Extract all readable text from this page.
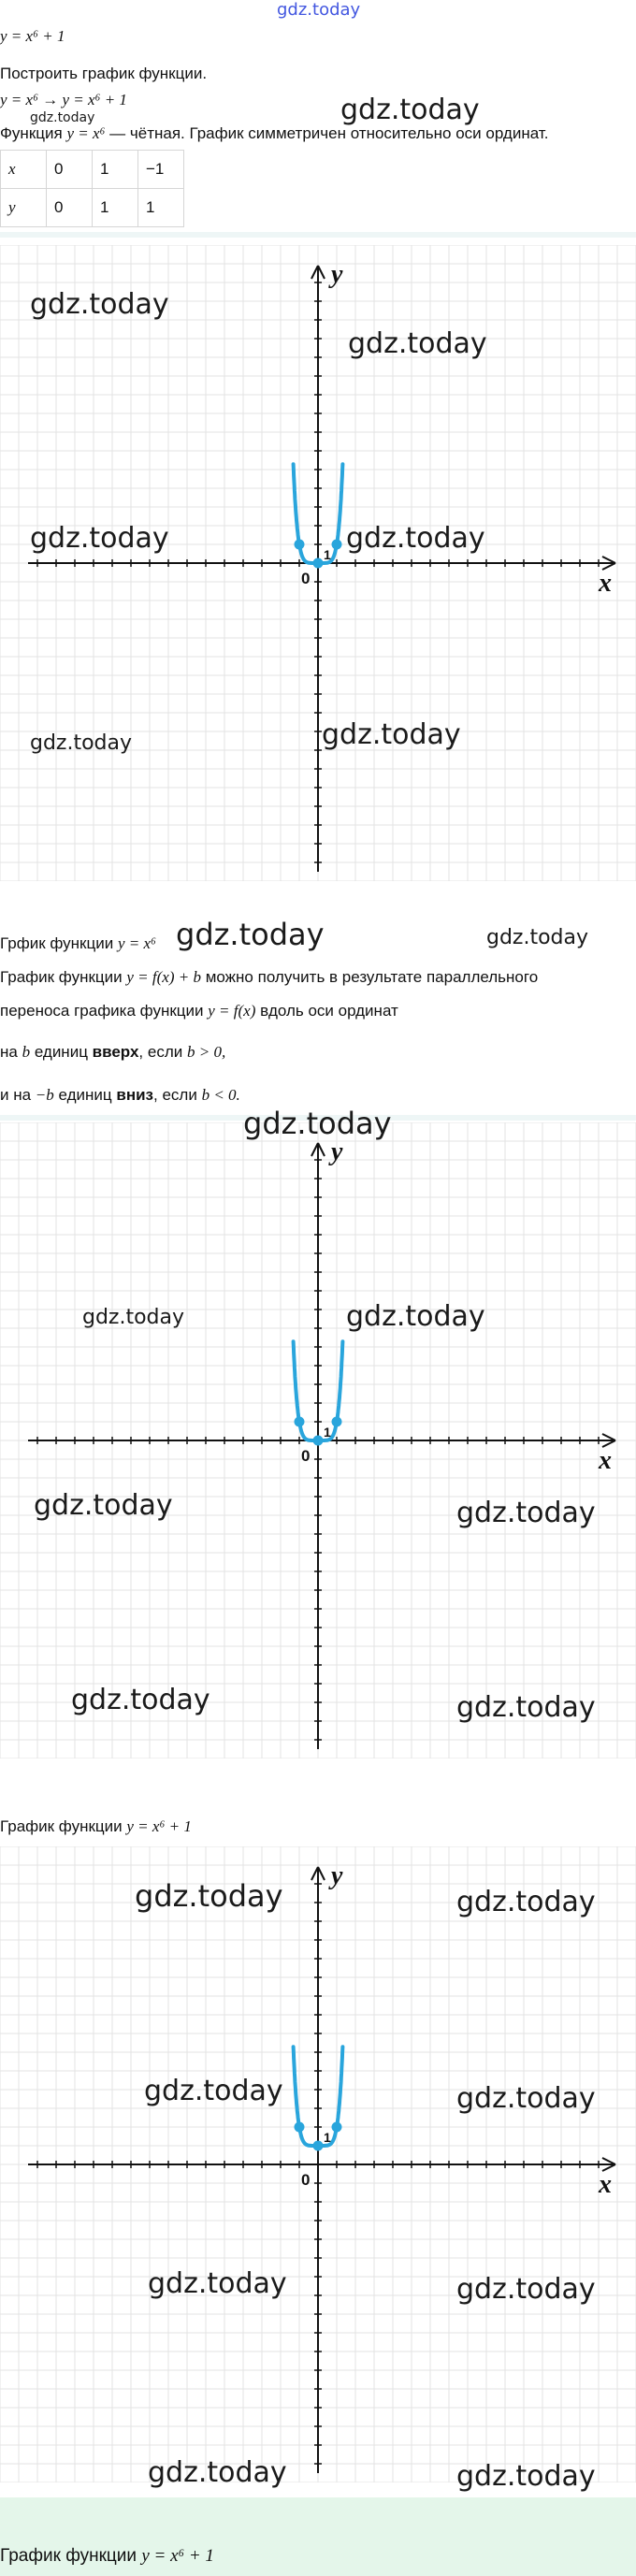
gdz.today
y = x⁶ + 1
Построить график функции.
y = x⁶ → y = x⁶ + 1
gdz.today	gdz.today
Функция y = x⁶ — чётная. График симметричен относительно оси ординат.
x	0	1	−1
y	0	1	1
x
y
0
1
gdz.today
gdz.today
gdz.today	gdz.today
gdz.today	gdz.today
Грфик функции y = x⁶ gdz.today	gdz.today
График функции y = f(x) + b можно получить в результате параллельного
переноса графика функции y = f(x) вдоль оси ординат
на b единиц вверх, если b > 0,
и на −b единиц вниз, если b < 0.
x
y
0
1
gdz.today
gdz.today	gdz.today
gdz.today	gdz.today
gdz.today	gdz.today
График функции y = x⁶ + 1
x
y
0
1
gdz.today	gdz.today
gdz.today	gdz.today
gdz.today	gdz.today
gdz.today	gdz.today
График функции y = x⁶ + 1
